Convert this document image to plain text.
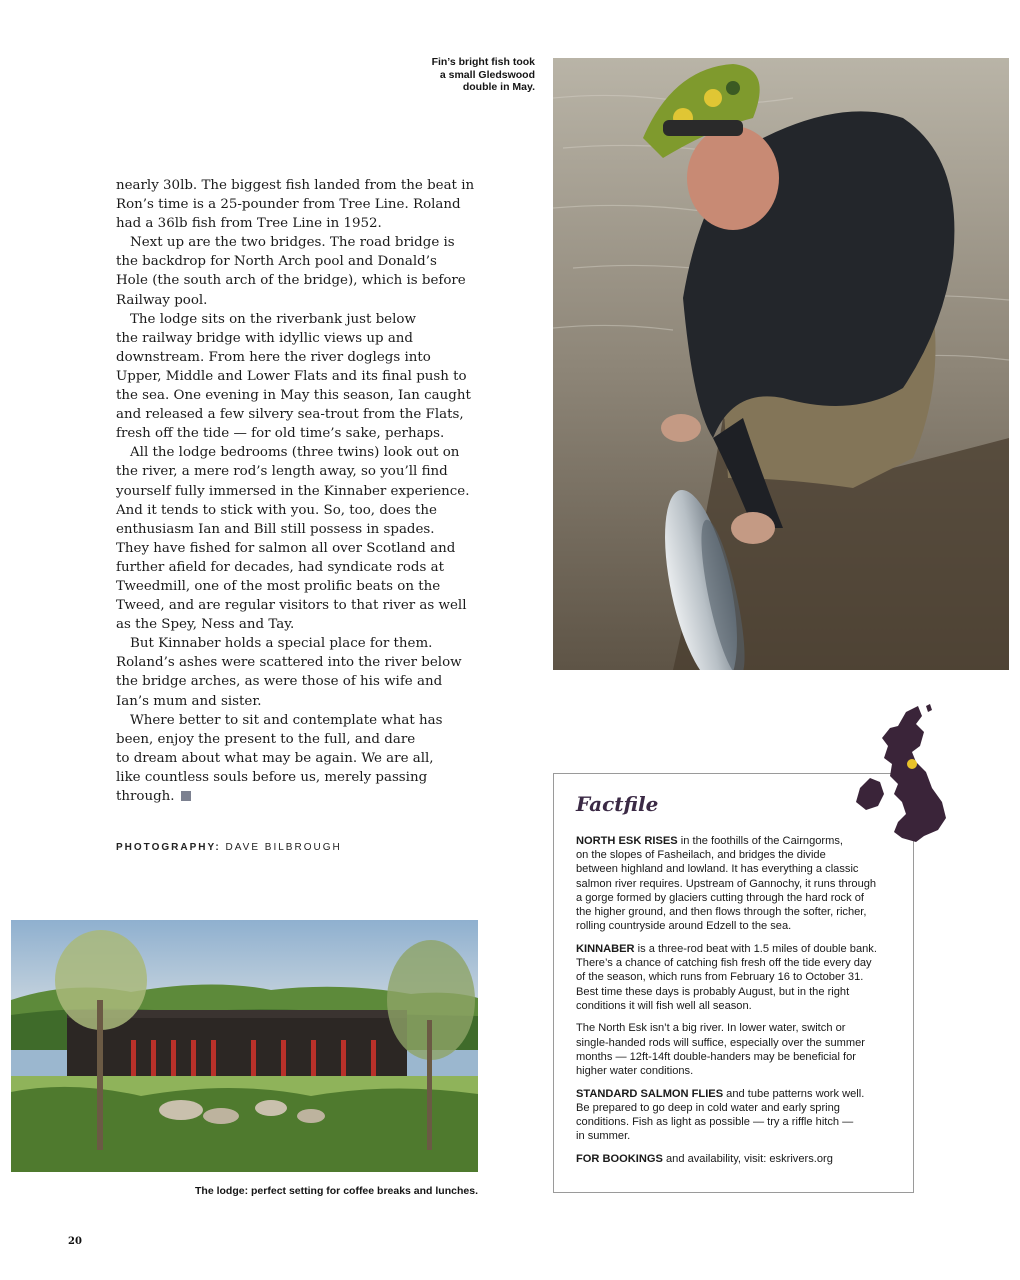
Fin’s bright fish took
a small Gledswood
double in May.
nearly 30lb. The biggest fish landed from the beat in
Ron’s time is a 25-pounder from Tree Line. Roland
had a 36lb fish from Tree Line in 1952.
Next up are the two bridges. The road bridge is
the backdrop for North Arch pool and Donald’s
Hole (the south arch of the bridge), which is before
Railway pool.
The lodge sits on the riverbank just below
the railway bridge with idyllic views up and
downstream. From here the river doglegs into
Upper, Middle and Lower Flats and its final push to
the sea. One evening in May this season, Ian caught
and released a few silvery sea-trout from the Flats,
fresh off the tide — for old time’s sake, perhaps.
All the lodge bedrooms (three twins) look out on
the river, a mere rod’s length away, so you’ll find
yourself fully immersed in the Kinnaber experience.
And it tends to stick with you. So, too, does the
enthusiasm Ian and Bill still possess in spades.
They have fished for salmon all over Scotland and
further afield for decades, had syndicate rods at
Tweedmill, one of the most prolific beats on the
Tweed, and are regular visitors to that river as well
as the Spey, Ness and Tay.
But Kinnaber holds a special place for them.
Roland’s ashes were scattered into the river below
the bridge arches, as were those of his wife and
Ian’s mum and sister.
Where better to sit and contemplate what has
been, enjoy the present to the full, and dare
to dream about what may be again. We are all,
like countless souls before us, merely passing
through.
PHOTOGRAPHY: DAVE BILBROUGH
The lodge: perfect setting for coffee breaks and lunches.
Factfile
NORTH ESK RISES in the foothills of the Cairngorms,
on the slopes of Fasheilach, and bridges the divide
between highland and lowland. It has everything a classic
salmon river requires. Upstream of Gannochy, it runs through
a gorge formed by glaciers cutting through the hard rock of
the higher ground, and then flows through the softer, richer,
rolling countryside around Edzell to the sea.
KINNABER is a three-rod beat with 1.5 miles of double bank.
There’s a chance of catching fish fresh off the tide every day
of the season, which runs from February 16 to October 31.
Best time these days is probably August, but in the right
conditions it will fish well all season.
The North Esk isn’t a big river. In lower water, switch or
single-handed rods will suffice, especially over the summer
months — 12ft-14ft double-handers may be beneficial for
higher water conditions.
STANDARD SALMON FLIES and tube patterns work well.
Be prepared to go deep in cold water and early spring
conditions. Fish as light as possible — try a riffle hitch —
in summer.
FOR BOOKINGS and availability, visit: eskrivers.org
20
